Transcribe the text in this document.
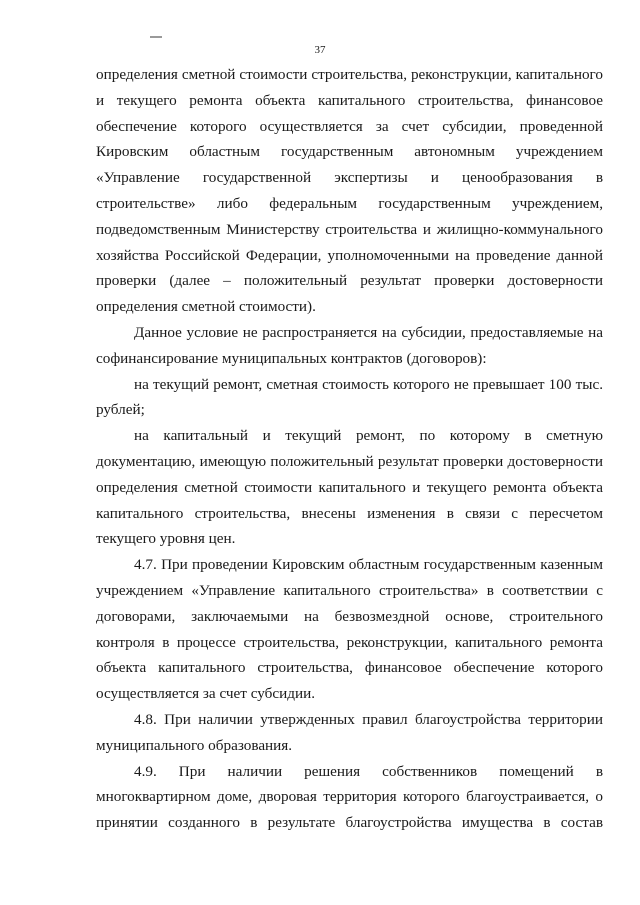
37

определения сметной стоимости строительства, реконструкции, капитального и текущего ремонта объекта капитального строительства, финансовое обеспечение которого осуществляется за счет субсидии, проведенной Кировским областным государственным автономным учреждением «Управление государственной экспертизы и ценообразования в строительстве» либо федеральным государственным учреждением, подведомственным Министерству строительства и жилищно-коммунального хозяйства Российской Федерации, уполномоченными на проведение данной проверки (далее – положительный результат проверки достоверности определения сметной стоимости).

Данное условие не распространяется на субсидии, предоставляемые на софинансирование муниципальных контрактов (договоров):

на текущий ремонт, сметная стоимость которого не превышает 100 тыс. рублей;

на капитальный и текущий ремонт, по которому в сметную документацию, имеющую положительный результат проверки достоверности определения сметной стоимости капитального и текущего ремонта объекта капитального строительства, внесены изменения в связи с пересчетом текущего уровня цен.

4.7. При проведении Кировским областным государственным казенным учреждением «Управление капитального строительства» в соответствии с договорами, заключаемыми на безвозмездной основе, строительного контроля в процессе строительства, реконструкции, капитального ремонта объекта капитального строительства, финансовое обеспечение которого осуществляется за счет субсидии.

4.8. При наличии утвержденных правил благоустройства территории муниципального образования.

4.9. При наличии решения собственников помещений в многоквартирном доме, дворовая территория которого благоустраивается, о принятии созданного в результате благоустройства имущества в состав
